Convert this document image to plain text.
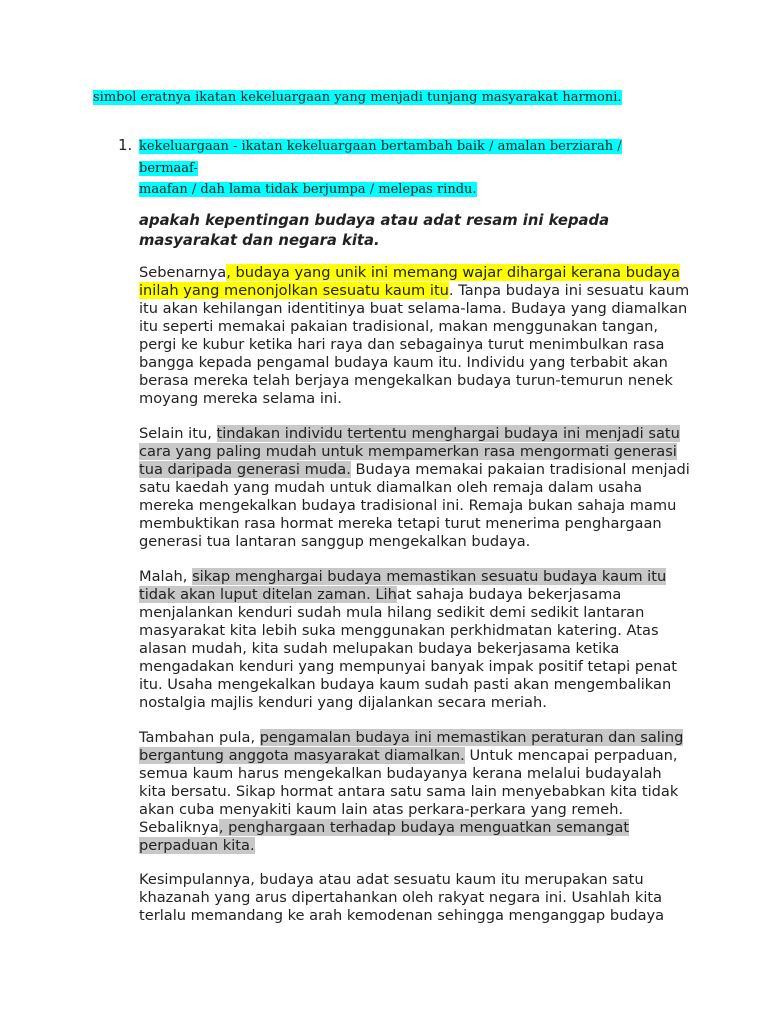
simbol eratnya ikatan kekeluargaan yang menjadi tunjang masyarakat harmoni.
1. kekeluargaan - ikatan kekeluargaan bertambah baik / amalan berziarah / bermaaf-
maafan / dah lama tidak berjumpa / melepas rindu.
apakah kepentingan budaya atau adat resam ini kepada
masyarakat dan negara kita.
Sebenarnya, budaya yang unik ini memang wajar dihargai kerana budaya
inilah yang menonjolkan sesuatu kaum itu. Tanpa budaya ini sesuatu kaum
itu akan kehilangan identitinya buat selama-lama. Budaya yang diamalkan
itu seperti memakai pakaian tradisional, makan menggunakan tangan,
pergi ke kubur ketika hari raya dan sebagainya turut menimbulkan rasa
bangga kepada pengamal budaya kaum itu. Individu yang terbabit akan
berasa mereka telah berjaya mengekalkan budaya turun-temurun nenek
moyang mereka selama ini.
Selain itu, tindakan individu tertentu menghargai budaya ini menjadi satu
cara yang paling mudah untuk mempamerkan rasa mengormati generasi
tua daripada generasi muda. Budaya memakai pakaian tradisional menjadi
satu kaedah yang mudah untuk diamalkan oleh remaja dalam usaha
mereka mengekalkan budaya tradisional ini. Remaja bukan sahaja mamu
membuktikan rasa hormat mereka tetapi turut menerima penghargaan
generasi tua lantaran sanggup mengekalkan budaya.
Malah, sikap menghargai budaya memastikan sesuatu budaya kaum itu
tidak akan luput ditelan zaman. Lihat sahaja budaya bekerjasama
menjalankan kenduri sudah mula hilang sedikit demi sedikit lantaran
masyarakat kita lebih suka menggunakan perkhidmatan katering. Atas
alasan mudah, kita sudah melupakan budaya bekerjasama ketika
mengadakan kenduri yang mempunyai banyak impak positif tetapi penat
itu. Usaha mengekalkan budaya kaum sudah pasti akan mengembalikan
nostalgia majlis kenduri yang dijalankan secara meriah.
Tambahan pula, pengamalan budaya ini memastikan peraturan dan saling
bergantung anggota masyarakat diamalkan. Untuk mencapai perpaduan,
semua kaum harus mengekalkan budayanya kerana melalui budayalah
kita bersatu. Sikap hormat antara satu sama lain menyebabkan kita tidak
akan cuba menyakiti kaum lain atas perkara-perkara yang remeh.
Sebaliknya, penghargaan terhadap budaya menguatkan semangat
perpaduan kita.
Kesimpulannya, budaya atau adat sesuatu kaum itu merupakan satu
khazanah yang arus dipertahankan oleh rakyat negara ini. Usahlah kita
terlalu memandang ke arah kemodenan sehingga menganggap budaya
